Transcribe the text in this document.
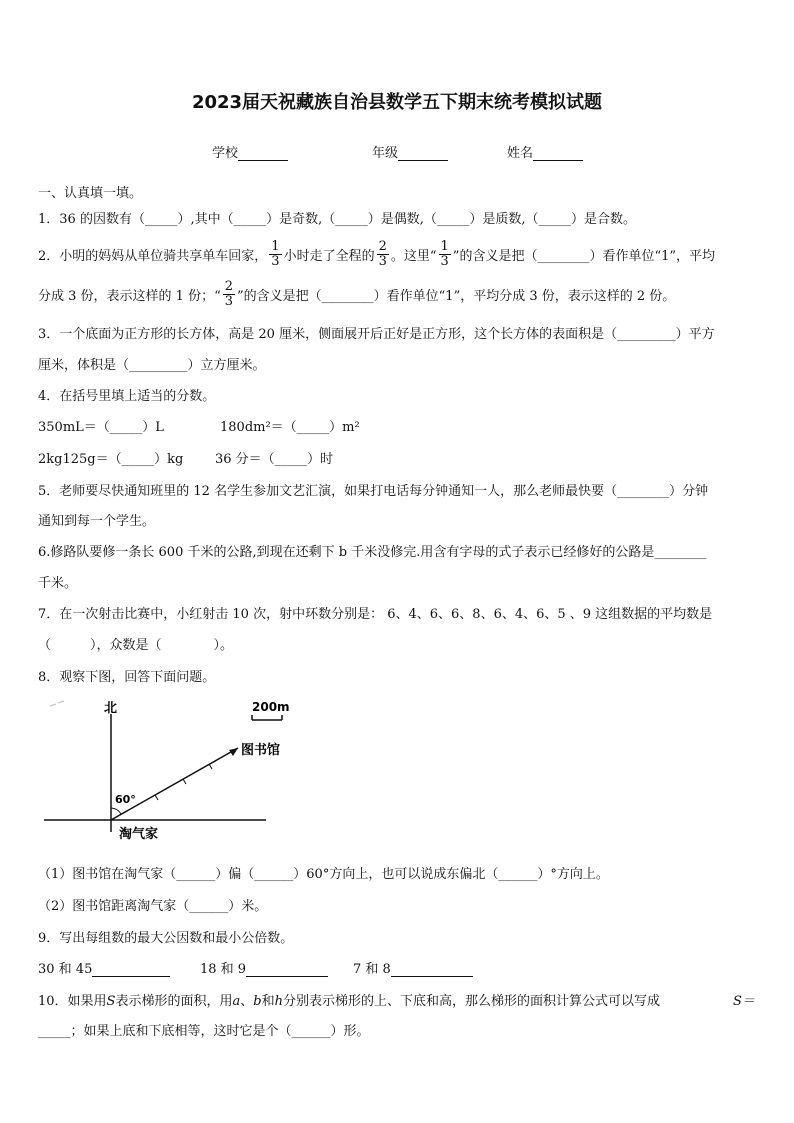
2023届天祝藏族自治县数学五下期末统考模拟试题
学校	年级	姓名
一、认真填一填。
1．36 的因数有（_____）,其中（_____）是奇数,（_____）是偶数,（_____）是质数,（_____）是合数。
2．小明的妈妈从单位骑共享单车回家， $\frac{1}{3}$ 小时走了全程的 $\frac{2}{3}$ 。这里“ $\frac{1}{3}$ ”的含义是把（________）看作单位“1”，平均
分成 3 份，表示这样的 1 份；“ $\frac{2}{3}$ ”的含义是把（________）看作单位“1”，平均分成 3 份，表示这样的 2 份。
3．一个底面为正方形的长方体，高是 20 厘米，侧面展开后正好是正方形，这个长方体的表面积是（_________）平方
厘米，体积是（_________）立方厘米。
4．在括号里填上适当的分数。
350mL＝（_____）L	180dm²＝（_____）m²
2kg125g＝（_____）kg 36 分＝（_____）时
5．老师要尽快通知班里的 12 名学生参加文艺汇演，如果打电话每分钟通知一人，那么老师最快要（________）分钟
通知到每一个学生。
6.修路队要修一条长 600 千米的公路,到现在还剩下 b 千米没修完.用含有字母的式子表示已经修好的公路是________
千米。
7．在一次射击比赛中，小红射击 10 次，射中环数分别是： 6、4、6、6、8、6、4、6、5 、9 这组数据的平均数是
（　　　），众数是（　　　　）。
8．观察下图，回答下面问题。
北	200m
图书馆
60°
淘气家
（1）图书馆在淘气家（______）偏（______）60°方向上，也可以说成东偏北（______）°方向上。
（2）图书馆距离淘气家（______）米。
9．写出每组数的最大公因数和最小公倍数。
30 和 45	18 和 9	7 和 8
10．如果用S表示梯形的面积，用a、b和h分别表示梯形的上、下底和高，那么梯形的面积计算公式可以写成	S＝
_____；如果上底和下底相等，这时它是个（______）形。
